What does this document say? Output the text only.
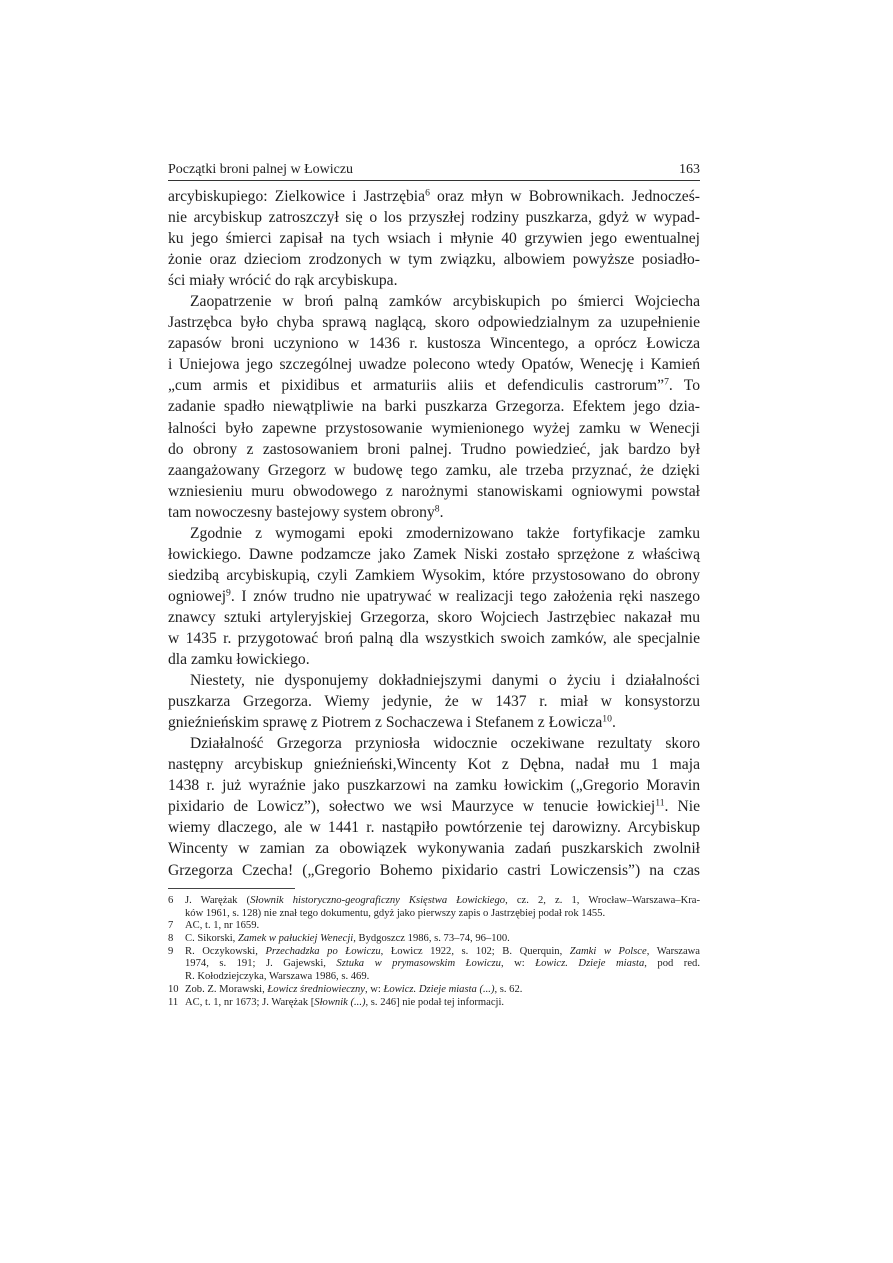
Początki broni palnej w Łowiczu	163
arcybiskupiego: Zielkowice i Jastrzębia$^6$ oraz młyn w Bobrownikach. Jednocześ-
nie arcybiskup zatroszczył się o los przyszłej rodziny puszkarza, gdyż w wypad-
ku jego śmierci zapisał na tych wsiach i młynie 40 grzywien jego ewentualnej
żonie oraz dzieciom zrodzonych w tym związku, albowiem powyższe posiadło-
ści miały wrócić do rąk arcybiskupa.
Zaopatrzenie w broń palną zamków arcybiskupich po śmierci Wojciecha
Jastrzębca było chyba sprawą naglącą, skoro odpowiedzialnym za uzupełnienie
zapasów broni uczyniono w 1436 r. kustosza Wincentego, a oprócz Łowicza
i Uniejowa jego szczególnej uwadze polecono wtedy Opatów, Wenecję i Kamień
„cum armis et pixidibus et armaturiis aliis et defendiculis castrorum”$^7$. To
zadanie spadło niewątpliwie na barki puszkarza Grzegorza. Efektem jego dzia-
łalności było zapewne przystosowanie wymienionego wyżej zamku w Wenecji
do obrony z zastosowaniem broni palnej. Trudno powiedzieć, jak bardzo był
zaangażowany Grzegorz w budowę tego zamku, ale trzeba przyznać, że dzięki
wzniesieniu muru obwodowego z narożnymi stanowiskami ogniowymi powstał
tam nowoczesny bastejowy system obrony$^8$.
Zgodnie z wymogami epoki zmodernizowano także fortyfikacje zamku
łowickiego. Dawne podzamcze jako Zamek Niski zostało sprzężone z właściwą
siedzibą arcybiskupią, czyli Zamkiem Wysokim, które przystosowano do obrony
ogniowej$^9$. I znów trudno nie upatrywać w realizacji tego założenia ręki naszego
znawcy sztuki artyleryjskiej Grzegorza, skoro Wojciech Jastrzębiec nakazał mu
w 1435 r. przygotować broń palną dla wszystkich swoich zamków, ale specjalnie
dla zamku łowickiego.
Niestety, nie dysponujemy dokładniejszymi danymi o życiu i działalności
puszkarza Grzegorza. Wiemy jedynie, że w 1437 r. miał w konsystorzu
gnieźnieńskim sprawę z Piotrem z Sochaczewa i Stefanem z Łowicza$^{10}$.
Działalność Grzegorza przyniosła widocznie oczekiwane rezultaty skoro
następny arcybiskup gnieźnieński,Wincenty Kot z Dębna, nadał mu 1 maja
1438 r. już wyraźnie jako puszkarzowi na zamku łowickim („Gregorio Moravin
pixidario de Lowicz”), sołectwo we wsi Maurzyce w tenucie łowickiej$^{11}$. Nie
wiemy dlaczego, ale w 1441 r. nastąpiło powtórzenie tej darowizny. Arcybiskup
Wincenty w zamian za obowiązek wykonywania zadań puszkarskich zwolnił
Grzegorza Czecha! („Gregorio Bohemo pixidario castri Lowiczensis”) na czas
6 J. Warężak (Słownik historyczno-geograficzny Księstwa Łowickiego, cz. 2, z. 1, Wrocław–Warszawa–Kra-
ków 1961, s. 128) nie znał tego dokumentu, gdyż jako pierwszy zapis o Jastrzębiej podał rok 1455.
7 AC, t. 1, nr 1659.
8 C. Sikorski, Zamek w pałuckiej Wenecji, Bydgoszcz 1986, s. 73–74, 96–100.
9 R. Oczykowski, Przechadzka po Łowiczu, Łowicz 1922, s. 102; B. Querquin, Zamki w Polsce, Warszawa
1974, s. 191; J. Gajewski, Sztuka w prymasowskim Łowiczu, w: Łowicz. Dzieje miasta, pod red.
R. Kołodziejczyka, Warszawa 1986, s. 469.
10 Zob. Z. Morawski, Łowicz średniowieczny, w: Łowicz. Dzieje miasta (...), s. 62.
11 AC, t. 1, nr 1673; J. Warężak [Słownik (...), s. 246] nie podał tej informacji.
